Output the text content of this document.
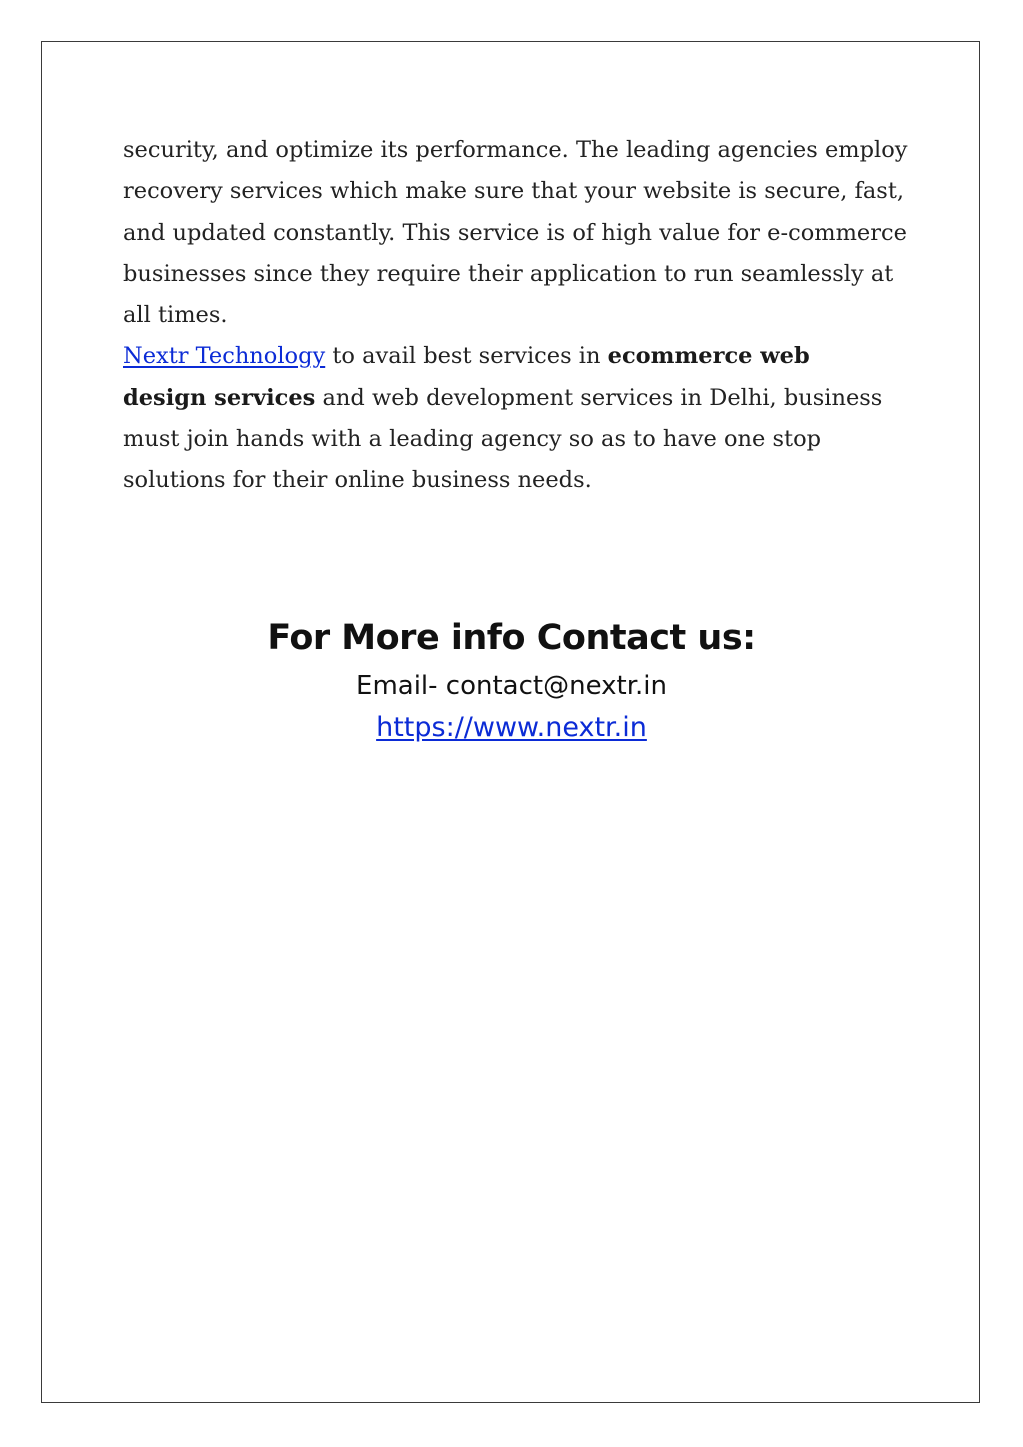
security, and optimize its performance. The leading agencies employ
recovery services which make sure that your website is secure, fast,
and updated constantly. This service is of high value for e-commerce
businesses since they require their application to run seamlessly at
all times.

Nextr Technology to avail best services in ecommerce web
design services and web development services in Delhi, business
must join hands with a leading agency so as to have one stop
solutions for their online business needs.

For More info Contact us:
Email- contact@nextr.in
https://www.nextr.in
